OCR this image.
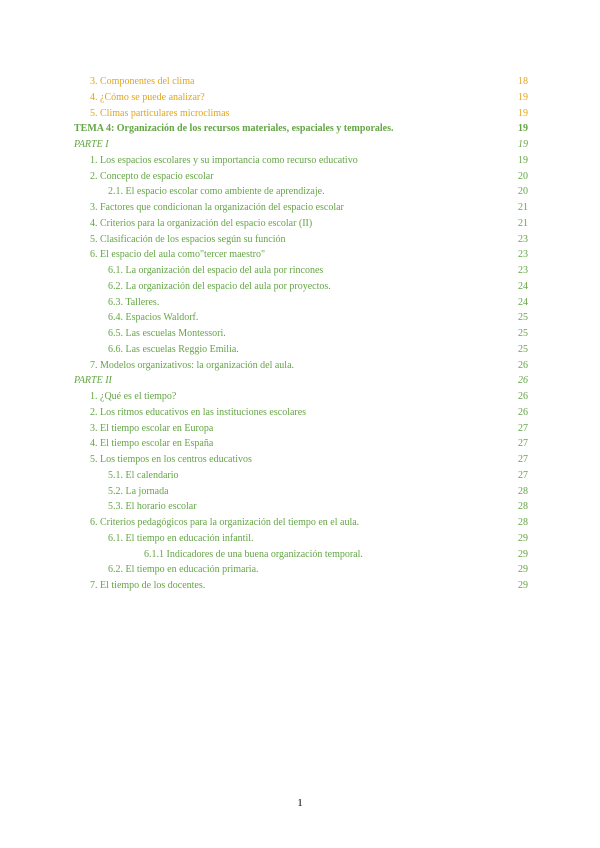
3. Componentes del clima	18
4. ¿Cómo se puede analizar?	19
5. Climas particulares microclimas	19
TEMA 4: Organización de los recursos materiales, espaciales y temporales.	19
PARTE I	19
1. Los espacios escolares y su importancia como recurso educativo	19
2. Concepto de espacio escolar	20
2.1. El espacio escolar como ambiente de aprendizaje.	20
3. Factores que condicionan la organización del espacio escolar	21
4. Criterios para la organización del espacio escolar (II)	21
5. Clasificación de los espacios según su función	23
6. El espacio del aula como"tercer maestro"	23
6.1. La organización del espacio del aula por rincones	23
6.2. La organización del espacio del aula por proyectos.	24
6.3. Talleres.	24
6.4. Espacios Waldorf.	25
6.5. Las escuelas Montessori.	25
6.6. Las escuelas Reggio Emilia.	25
7. Modelos organizativos: la organización del aula.	26
PARTE II	26
1. ¿Qué es el tiempo?	26
2. Los ritmos educativos en las instituciones escolares	26
3. El tiempo escolar en Europa	27
4. El tiempo escolar en España	27
5. Los tiempos en los centros educativos	27
5.1. El calendario	27
5.2. La jornada	28
5.3. El horario escolar	28
6. Criterios pedagógicos para la organización del tiempo en el aula.	28
6.1. El tiempo en educación infantil.	29
6.1.1 Indicadores de una buena organización temporal.	29
6.2. El tiempo en educación primaria.	29
7. El tiempo de los docentes.	29
1
